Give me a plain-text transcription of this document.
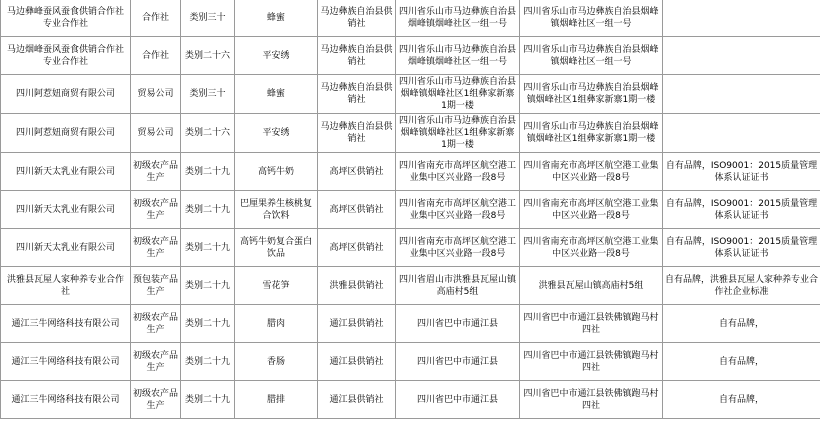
马边彝峰蚕风蚕食供销合作社专业合作社	合作社	类别三十	蜂蜜	马边彝族自治县供销社	四川省乐山市马边彝族自治县烟峰镇烟峰社区一组一号	四川省乐山市马边彝族自治县烟峰镇烟峰社区一组一号	
马边烟峰蚕风蚕食供销合作社专业合作社	合作社	类别二十六	平安绣	马边彝族自治县供销社	四川省乐山市马边彝族自治县烟峰镇烟峰社区一组一号	四川省乐山市马边彝族自治县烟峰镇烟峰社区一组一号	
四川阿惹妞商贸有限公司	贸易公司	类别三十	蜂蜜	马边彝族自治县供销社	四川省乐山市马边彝族自治县烟峰镇烟峰社区1组彝家新寨1期一楼	四川省乐山市马边彝族自治县烟峰镇烟峰社区1组彝家新寨1期一楼	
四川阿惹妞商贸有限公司	贸易公司	类别二十六	平安绣	马边彝族自治县供销社	四川省乐山市马边彝族自治县烟峰镇烟峰社区1组彝家新寨1期一楼	四川省乐山市马边彝族自治县烟峰镇烟峰社区1组彝家新寨1期一楼	
四川新天太乳业有限公司	初级农产品生产	类别二十九	高钙牛奶	高坪区供销社	四川省南充市高坪区航空港工业集中区兴业路一段8号	四川省南充市高坪区航空港工业集中区兴业路一段8号	自有品牌，ISO9001：2015质量管理体系认证证书
四川新天太乳业有限公司	初级农产品生产	类别二十九	巴厘果养生核桃复合饮料	高坪区供销社	四川省南充市高坪区航空港工业集中区兴业路一段8号	四川省南充市高坪区航空港工业集中区兴业路一段8号	自有品牌，ISO9001：2015质量管理体系认证证书
四川新天太乳业有限公司	初级农产品生产	类别二十九	高钙牛奶复合蛋白饮品	高坪区供销社	四川省南充市高坪区航空港工业集中区兴业路一段8号	四川省南充市高坪区航空港工业集中区兴业路一段8号	自有品牌，ISO9001：2015质量管理体系认证证书
洪雅县瓦屋人家种养专业合作社	预包装产品生产	类别二十九	雪花笋	洪雅县供销社	四川省眉山市洪雅县瓦屋山镇高庙村5组	洪雅县瓦屋山镇高庙村5组	自有品牌，洪雅县瓦屋人家种养专业合作社企业标准
通江三牛网络科技有限公司	初级农产品生产	类别二十九	腊肉	通江县供销社	四川省巴中市通江县	四川省巴中市通江县铁佛镇跑马村四社	自有品牌，
通江三牛网络科技有限公司	初级农产品生产	类别二十九	香肠	通江县供销社	四川省巴中市通江县	四川省巴中市通江县铁佛镇跑马村四社	自有品牌，
通江三牛网络科技有限公司	初级农产品生产	类别二十九	腊排	通江县供销社	四川省巴中市通江县	四川省巴中市通江县铁佛镇跑马村四社	自有品牌，
